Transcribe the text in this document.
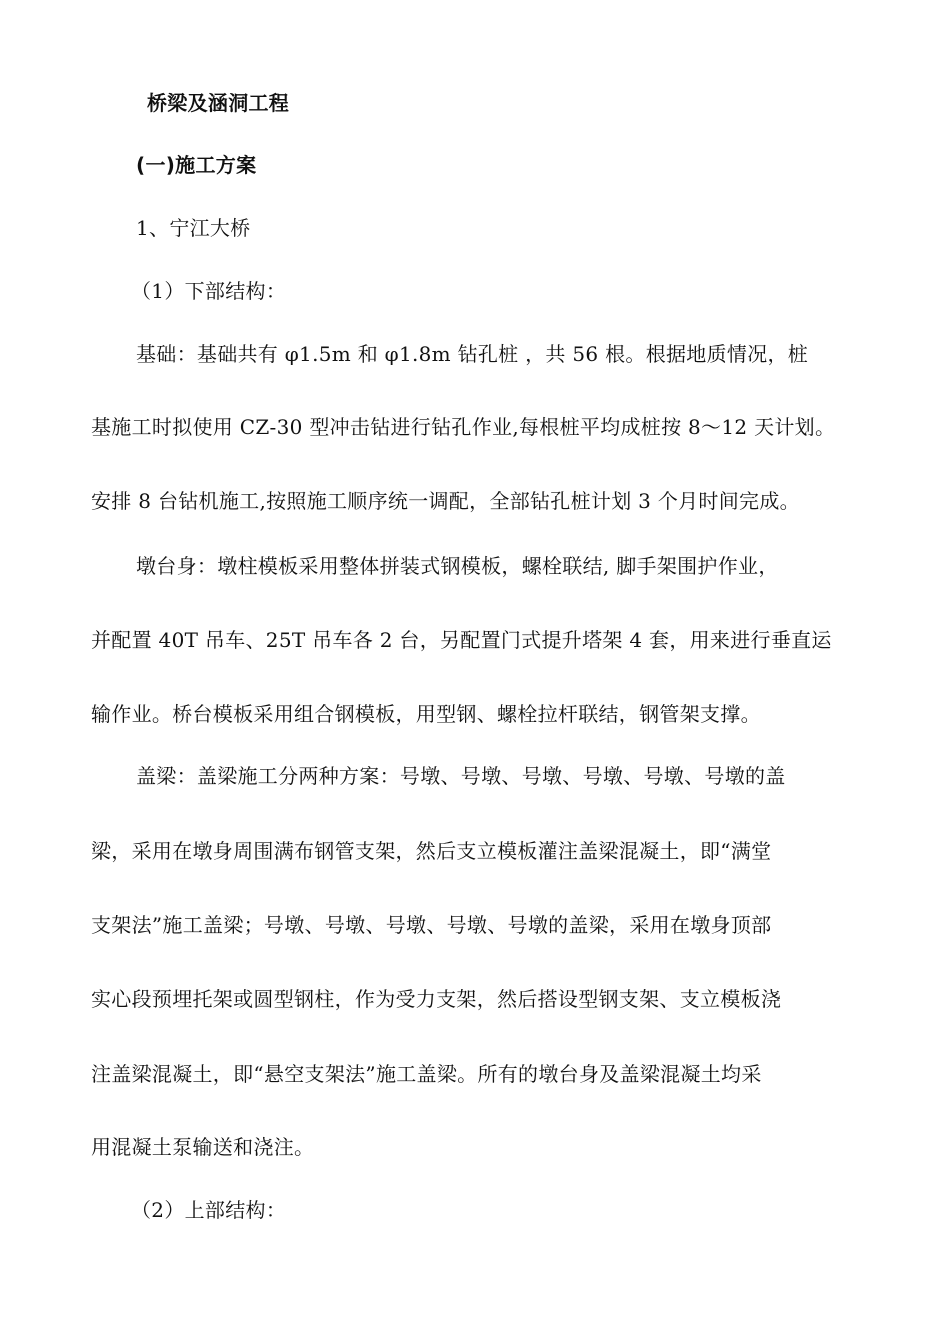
桥梁及涵洞工程
(一)施工方案
1、宁江大桥
（1）下部结构：
基础：基础共有 φ1.5m 和 φ1.8m 钻孔桩 ，共 56 根。根据地质情况，桩
基施工时拟使用 CZ-30 型冲击钻进行钻孔作业,每根桩平均成桩按 8～12 天计划。
安排 8 台钻机施工,按照施工顺序统一调配，全部钻孔桩计划 3 个月时间完成。
墩台身：墩柱模板采用整体拼装式钢模板，螺栓联结, 脚手架围护作业，
并配置 40T 吊车、25T 吊车各 2 台，另配置门式提升塔架 4 套，用来进行垂直运
输作业。桥台模板采用组合钢模板，用型钢、螺栓拉杆联结，钢管架支撑。
盖梁：盖梁施工分两种方案：号墩、号墩、号墩、号墩、号墩、号墩的盖
梁，采用在墩身周围满布钢管支架，然后支立模板灌注盖梁混凝土，即“满堂
支架法”施工盖梁；号墩、号墩、号墩、号墩、号墩的盖梁，采用在墩身顶部
实心段预埋托架或圆型钢柱，作为受力支架，然后搭设型钢支架、支立模板浇
注盖梁混凝土，即“悬空支架法”施工盖梁。所有的墩台身及盖梁混凝土均采
用混凝土泵输送和浇注。
（2）上部结构：
